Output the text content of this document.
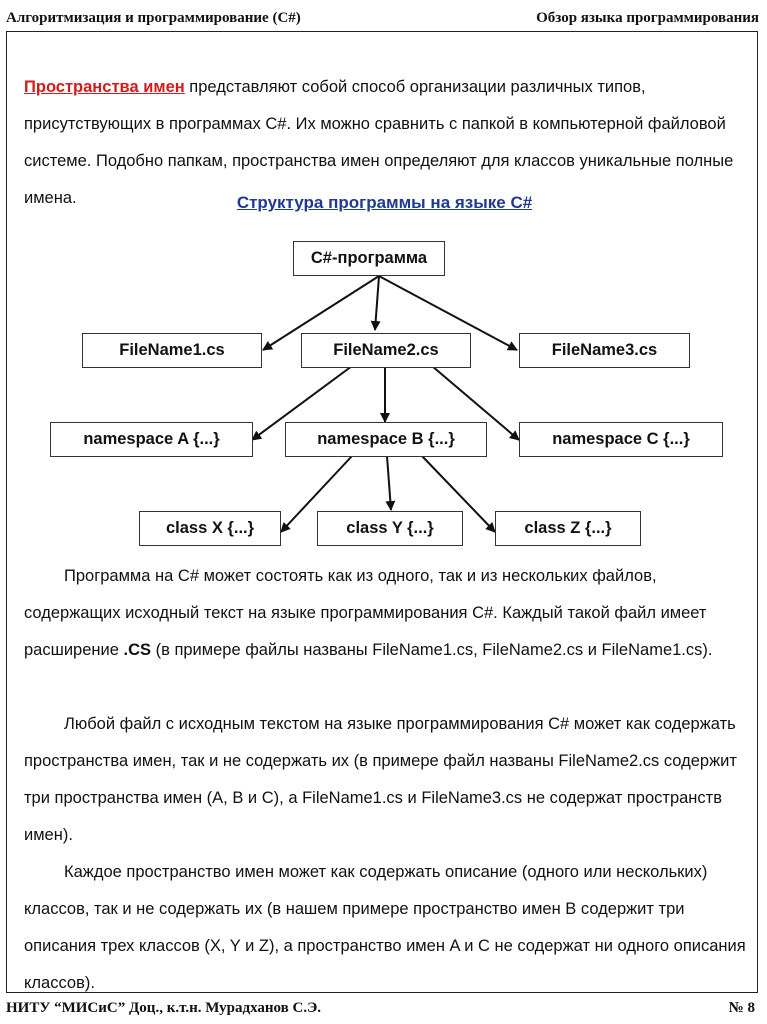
Алгоритмизация и программирование (C#)	Обзор языка программирования

Пространства имен представляют собой способ организации различных типов, присутствующих в программах C#. Их можно сравнить с папкой в компьютерной файловой системе. Подобно папкам, пространства имен определяют для классов уникальные полные имена.	Структура программы на языке C#
C#-программа
FileName1.cs	FileName2.cs	FileName3.cs
namespace A {...}	namespace B {...}	namespace C {...}
class X {...}	class Y {...}	class Z {...}

Программа на C# может состоять как из одного, так и из нескольких файлов, содержащих исходный текст на языке программирования C#. Каждый такой файл имеет расширение .CS (в примере файлы названы FileName1.cs, FileName2.cs и FileName1.cs).

Любой файл с исходным текстом на языке программирования C# может как содержать пространства имен, так и не содержать их (в примере файл названы FileName2.cs содержит три пространства имен (A, B и C), а FileName1.cs и FileName3.cs не содержат пространств имен).

Каждое пространство имен может как содержать описание (одного или нескольких) классов, так и не содержать их (в нашем примере пространство имен B содержит три описания трех классов (X, Y и Z), а пространство имен A и C не содержат ни одного описания классов).

НИТУ “МИСиС” Доц., к.т.н. Мурадханов С.Э.	№ 8
